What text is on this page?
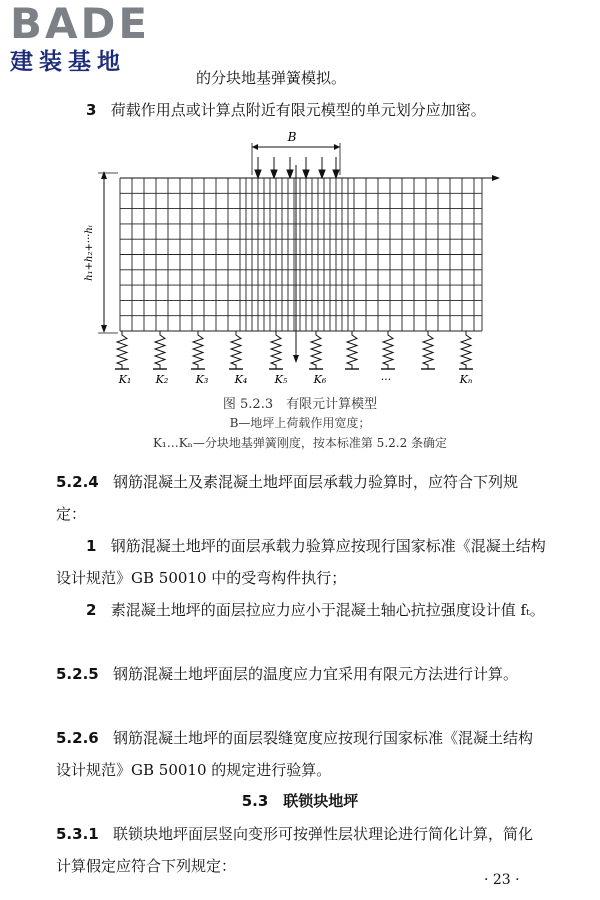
BADE
建装基地
的分块地基弹簧模拟。
3 荷载作用点或计算点附近有限元模型的单元划分应加密。
B
h₁+h₂+···hᵢ
K₁ K₂ K₃ K₄ K₅ K₆	···	Kₙ
图 5.2.3　有限元计算模型
B—地坪上荷载作用宽度；
K₁…Kₙ—分块地基弹簧刚度，按本标准第 5.2.2 条确定
5.2.4 钢筋混凝土及素混凝土地坪面层承载力验算时，应符合下列规定：
1 钢筋混凝土地坪的面层承载力验算应按现行国家标准《混凝土结构设计规范》GB 50010 中的受弯构件执行；
2 素混凝土地坪的面层拉应力应小于混凝土轴心抗拉强度设计值 fₜ。
5.2.5 钢筋混凝土地坪面层的温度应力宜采用有限元方法进行计算。
5.2.6 钢筋混凝土地坪的面层裂缝宽度应按现行国家标准《混凝土结构设计规范》GB 50010 的规定进行验算。
5.3　联锁块地坪
5.3.1 联锁块地坪面层竖向变形可按弹性层状理论进行简化计算，简化计算假定应符合下列规定：
· 23 ·
